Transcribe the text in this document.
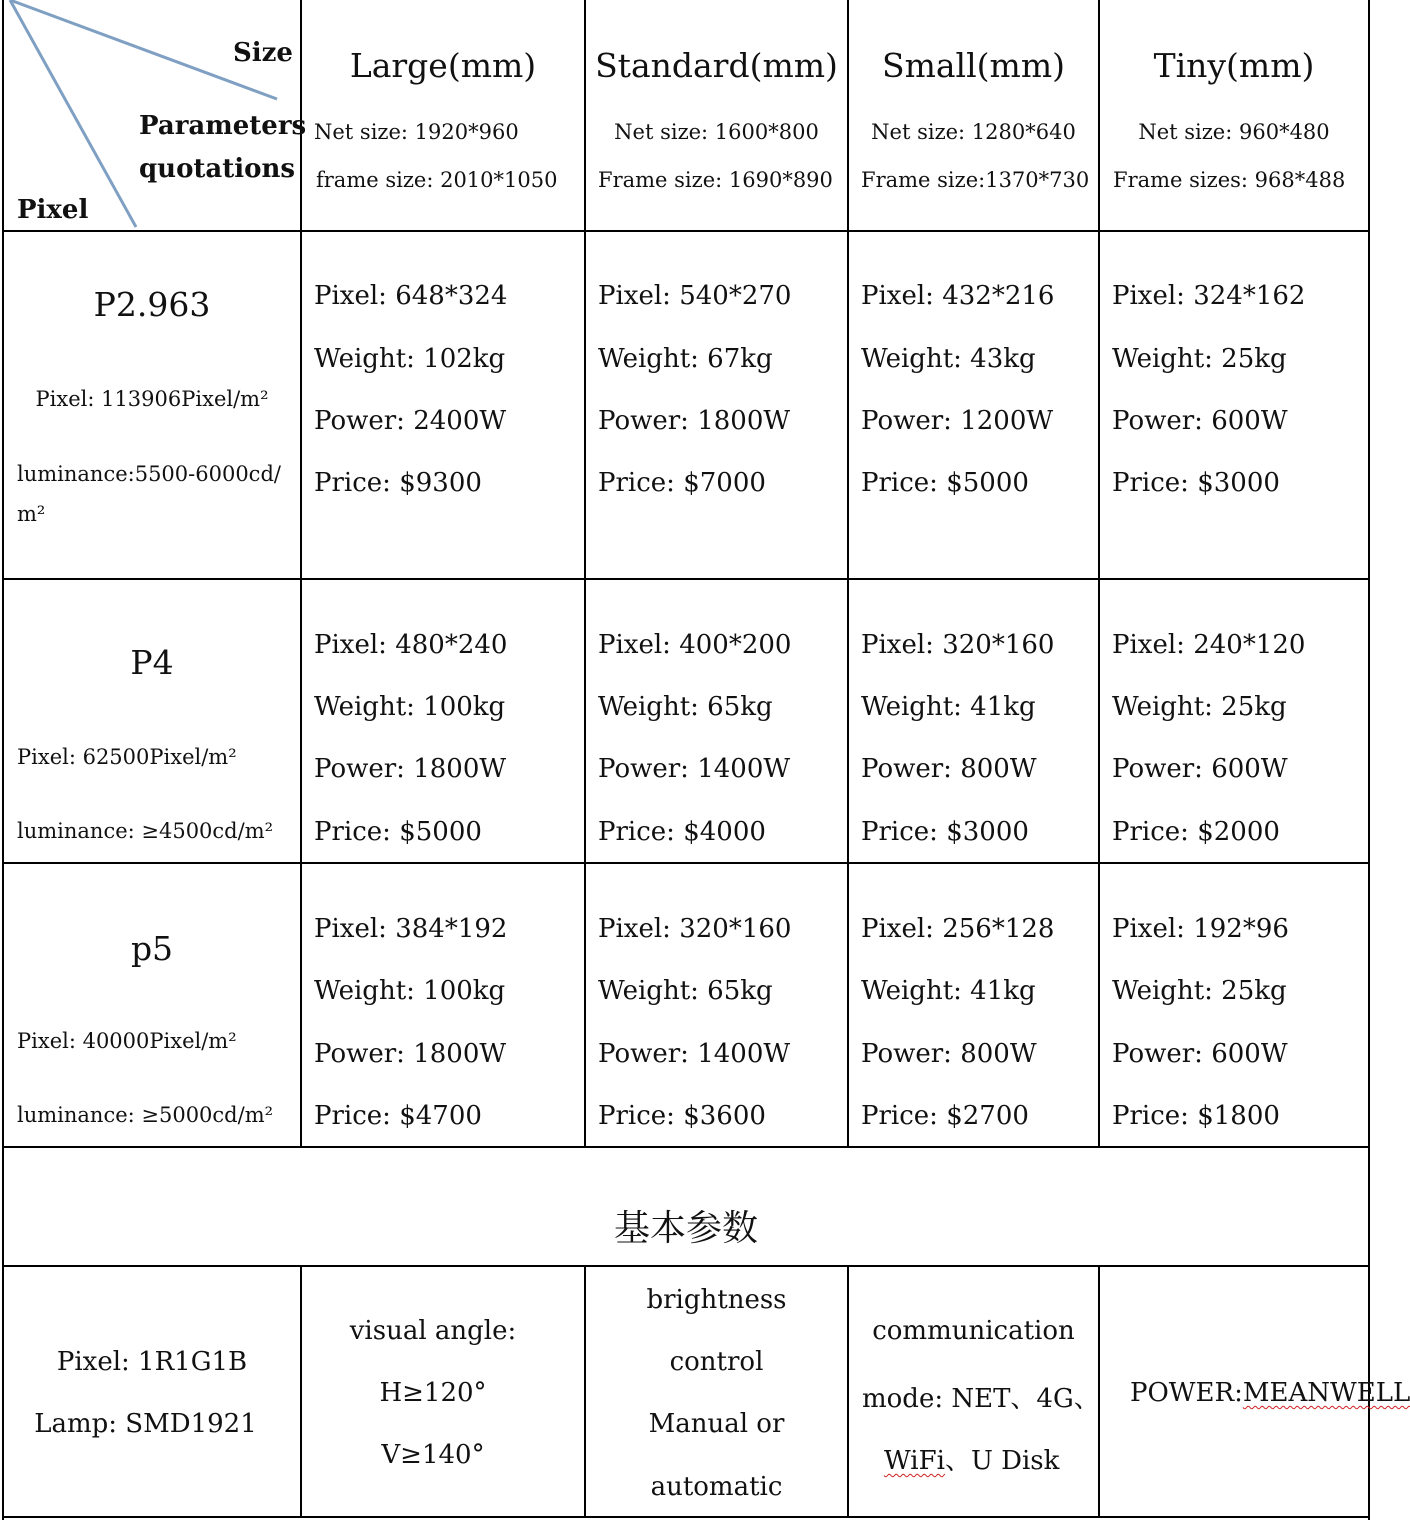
Size
Parameters
quotations
Pixel
Large(mm)
Net size: 1920*960
frame size: 2010*1050
Standard(mm)
Net size: 1600*800
Frame size: 1690*890
Small(mm)
Net size: 1280*640
Frame size:1370*730
Tiny(mm)
Net size: 960*480
Frame sizes: 968*488
P2.963
Pixel: 113906Pixel/m²
luminance:5500-6000cd/
m²
Pixel: 648*324
Weight: 102kg
Power: 2400W
Price: $9300
Pixel: 540*270
Weight: 67kg
Power: 1800W
Price: $7000
Pixel: 432*216
Weight: 43kg
Power: 1200W
Price: $5000
Pixel: 324*162
Weight: 25kg
Power: 600W
Price: $3000
P4
Pixel: 62500Pixel/m²
luminance: ≥4500cd/m²
Pixel: 480*240
Weight: 100kg
Power: 1800W
Price: $5000
Pixel: 400*200
Weight: 65kg
Power: 1400W
Price: $4000
Pixel: 320*160
Weight: 41kg
Power: 800W
Price: $3000
Pixel: 240*120
Weight: 25kg
Power: 600W
Price: $2000
p5
Pixel: 40000Pixel/m²
luminance: ≥5000cd/m²
Pixel: 384*192
Weight: 100kg
Power: 1800W
Price: $4700
Pixel: 320*160
Weight: 65kg
Power: 1400W
Price: $3600
Pixel: 256*128
Weight: 41kg
Power: 800W
Price: $2700
Pixel: 192*96
Weight: 25kg
Power: 600W
Price: $1800
基本参数
Pixel: 1R1G1B
Lamp: SMD1921
visual angle:
H≥120°
V≥140°
brightness
control
Manual or
automatic
communication
mode: NET、4G、
WiFi、U Disk
POWER:MEANWELL
